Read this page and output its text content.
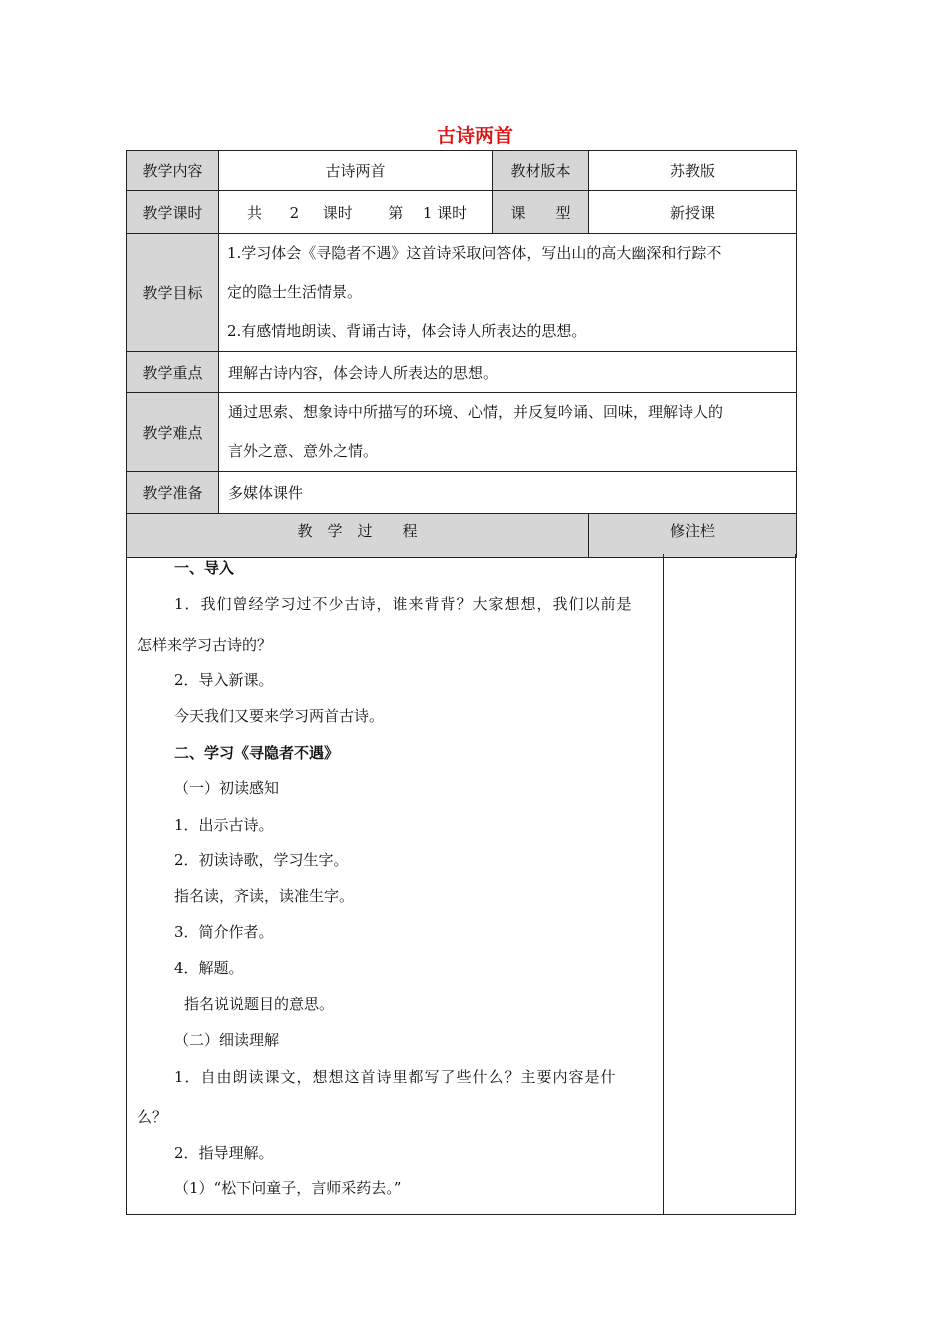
古诗两首
教学内容	古诗两首	教材版本	苏教版
教学课时	共 2 课时 第 1 课时	课　　型	新授课
教学目标	1.学习体会《寻隐者不遇》这首诗采取问答体，写出山的高大幽深和行踪不

定的隐士生活情景。

2.有感情地朗读、背诵古诗，体会诗人所表达的思想。		

教学重点	理解古诗内容，体会诗人所表达的思想。		
教学难点	通过思索、想象诗中所描写的环境、心情，并反复吟诵、回味，理解诗人的

言外之意、意外之情。		

教学准备	多媒体课件		
教　学　过　　程			修注栏
一、导入
1．我们曾经学习过不少古诗，谁来背背？大家想想，我们以前是
怎样来学习古诗的？
2．导入新课。
今天我们又要来学习两首古诗。
二、学习《寻隐者不遇》
（一）初读感知
1．出示古诗。
2．初读诗歌，学习生字。
指名读，齐读，读准生字。
3．简介作者。
4．解题。
指名说说题目的意思。
（二）细读理解
1．自由朗读课文，想想这首诗里都写了些什么？主要内容是什
么？
2．指导理解。
（1）“松下问童子，言师采药去。”
